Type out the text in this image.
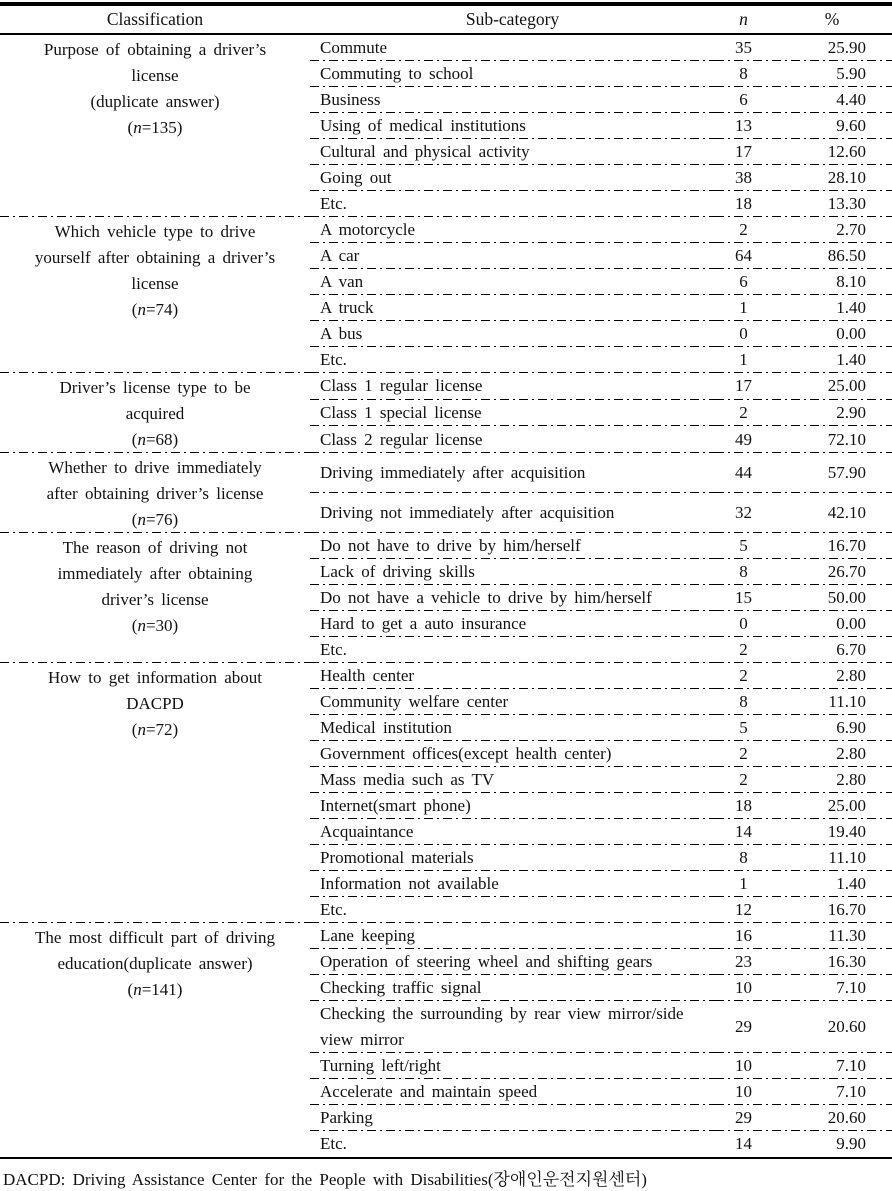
Classification	Sub-category	n	%

Purpose of obtaining a driver’s
license
(duplicate answer)
(n=135)	Commute	35	25.90
	Commuting to school	8	5.90
	Business	6	4.40
	Using of medical institutions	13	9.60
	Cultural and physical activity	17	12.60
	Going out	38	28.10
	Etc.	18	13.30

Which vehicle type to drive
yourself after obtaining a driver’s
license
(n=74)	A motorcycle	2	2.70
	A car	64	86.50
	A van	6	8.10
	A truck	1	1.40
	A bus	0	0.00
	Etc.	1	1.40

Driver’s license type to be
acquired
(n=68)	Class 1 regular license	17	25.00
	Class 1 special license	2	2.90
	Class 2 regular license	49	72.10

Whether to drive immediately
after obtaining driver’s license
(n=76)	Driving immediately after acquisition	44	57.90
	Driving not immediately after acquisition	32	42.10

The reason of driving not
immediately after obtaining
driver’s license
(n=30)	Do not have to drive by him/herself	5	16.70
	Lack of driving skills	8	26.70
	Do not have a vehicle to drive by him/herself	15	50.00
	Hard to get a auto insurance	0	0.00
	Etc.	2	6.70

How to get information about
DACPD
(n=72)	Health center	2	2.80
	Community welfare center	8	11.10
	Medical institution	5	6.90
	Government offices(except health center)	2	2.80
	Mass media such as TV	2	2.80
	Internet(smart phone)	18	25.00
	Acquaintance	14	19.40
	Promotional materials	8	11.10
	Information not available	1	1.40
	Etc.	12	16.70

The most difficult part of driving
education(duplicate answer)
(n=141)	Lane keeping	16	11.30
	Operation of steering wheel and shifting gears	23	16.30
	Checking traffic signal	10	7.10
	Checking the surrounding by rear view mirror/side view mirror	29	20.60
	Turning left/right	10	7.10
	Accelerate and maintain speed	10	7.10
	Parking	29	20.60
	Etc.	14	9.90
DACPD: Driving Assistance Center for the People with Disabilities(장애인운전지원센터)
